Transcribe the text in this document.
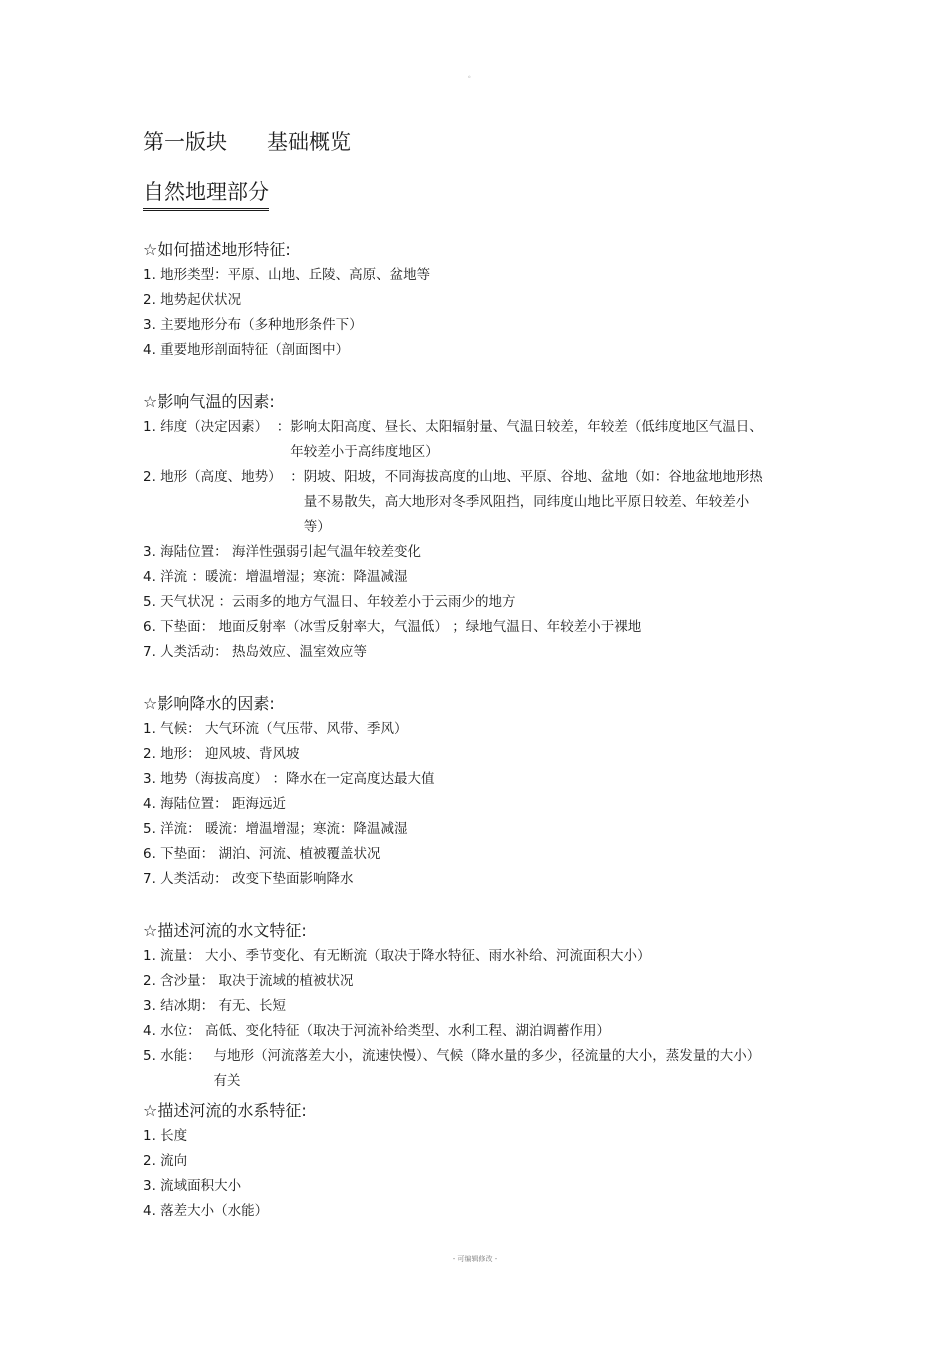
。
第一版块      基础概览
自然地理部分
☆如何描述地形特征:
1. 地形类型：平原、山地、丘陵、高原、盆地等
2. 地势起伏状况
3. 主要地形分布（多种地形条件下）
4. 重要地形剖面特征（剖面图中）
☆影响气温的因素:
1. 纬度（决定因素）  ： 影响太阳高度、昼长、太阳辐射量、气温日较差，年较差（低纬度地区气温日、年较差小于高纬度地区）
2. 地形（高度、地势）  ： 阴坡、阳坡，不同海拔高度的山地、平原、谷地、盆地（如：谷地盆地地形热量不易散失，高大地形对冬季风阻挡，同纬度山地比平原日较差、年较差小等）
3. 海陆位置： 海洋性强弱引起气温年较差变化
4. 洋流 ：暖流：增温增湿；寒流：降温减湿
5. 天气状况 ：云雨多的地方气温日、年较差小于云雨少的地方
6. 下垫面： 地面反射率（冰雪反射率大，气温低） ；绿地气温日、年较差小于裸地
7. 人类活动： 热岛效应、温室效应等
☆影响降水的因素:
1. 气候： 大气环流（气压带、风带、季风）
2. 地形： 迎风坡、背风坡
3. 地势（海拔高度） ：降水在一定高度达最大值
4. 海陆位置： 距海远近
5. 洋流： 暖流：增温增湿；寒流：降温减湿
6. 下垫面： 湖泊、河流、植被覆盖状况
7. 人类活动： 改变下垫面影响降水
☆描述河流的水文特征:
1. 流量： 大小、季节变化、有无断流（取决于降水特征、雨水补给、河流面积大小）
2. 含沙量： 取决于流域的植被状况
3. 结冰期： 有无、长短
4. 水位： 高低、变化特征（取决于河流补给类型、水利工程、湖泊调蓄作用）
5. 水能： 与地形（河流落差大小，流速快慢）、气候（降水量的多少，径流量的大小，蒸发量的大小）有关
☆描述河流的水系特征:
1. 长度
2. 流向
3. 流域面积大小
4. 落差大小（水能）
- 可编辑修改 -
